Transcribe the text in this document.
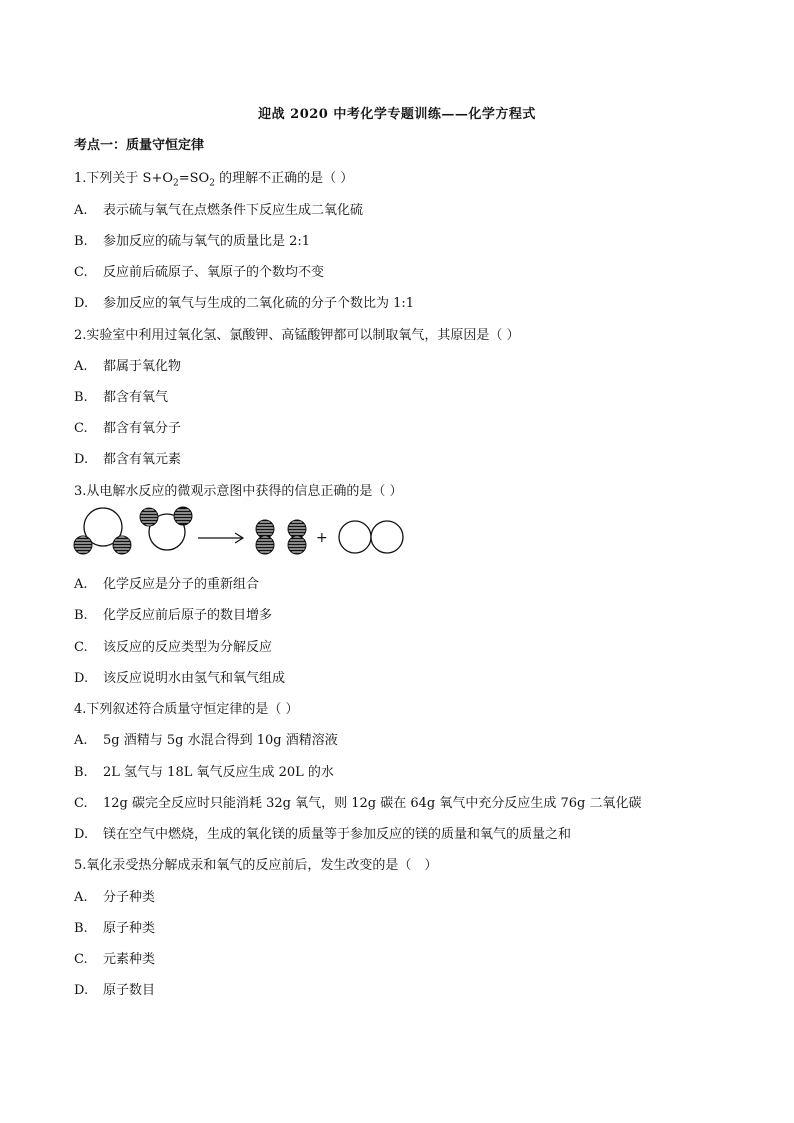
迎战 2020 中考化学专题训练——化学方程式
考点一：质量守恒定律
1.下列关于 $S+O_2=SO_2$ 的理解不正确的是（ ）
A. 表示硫与氧气在点燃条件下反应生成二氧化硫
B. 参加反应的硫与氧气的质量比是 2:1
C. 反应前后硫原子、氧原子的个数均不变
D. 参加反应的氧气与生成的二氧化硫的分子个数比为 1:1
2.实验室中利用过氧化氢、氯酸钾、高锰酸钾都可以制取氧气，其原因是（ ）
A. 都属于氧化物
B. 都含有氧气
C. 都含有氧分子
D. 都含有氧元素
3.从电解水反应的微观示意图中获得的信息正确的是（ ）
+
A. 化学反应是分子的重新组合
B. 化学反应前后原子的数目增多
C. 该反应的反应类型为分解反应
D. 该反应说明水由氢气和氧气组成
4.下列叙述符合质量守恒定律的是（ ）
A. 5g 酒精与 5g 水混合得到 10g 酒精溶液
B. 2L 氢气与 18L 氧气反应生成 20L 的水
C. 12g 碳完全反应时只能消耗 32g 氧气，则 12g 碳在 64g 氧气中充分反应生成 76g 二氧化碳
D. 镁在空气中燃烧，生成的氧化镁的质量等于参加反应的镁的质量和氧气的质量之和
5.氧化汞受热分解成汞和氧气的反应前后，发生改变的是（　）
A. 分子种类
B. 原子种类
C. 元素种类
D. 原子数目
